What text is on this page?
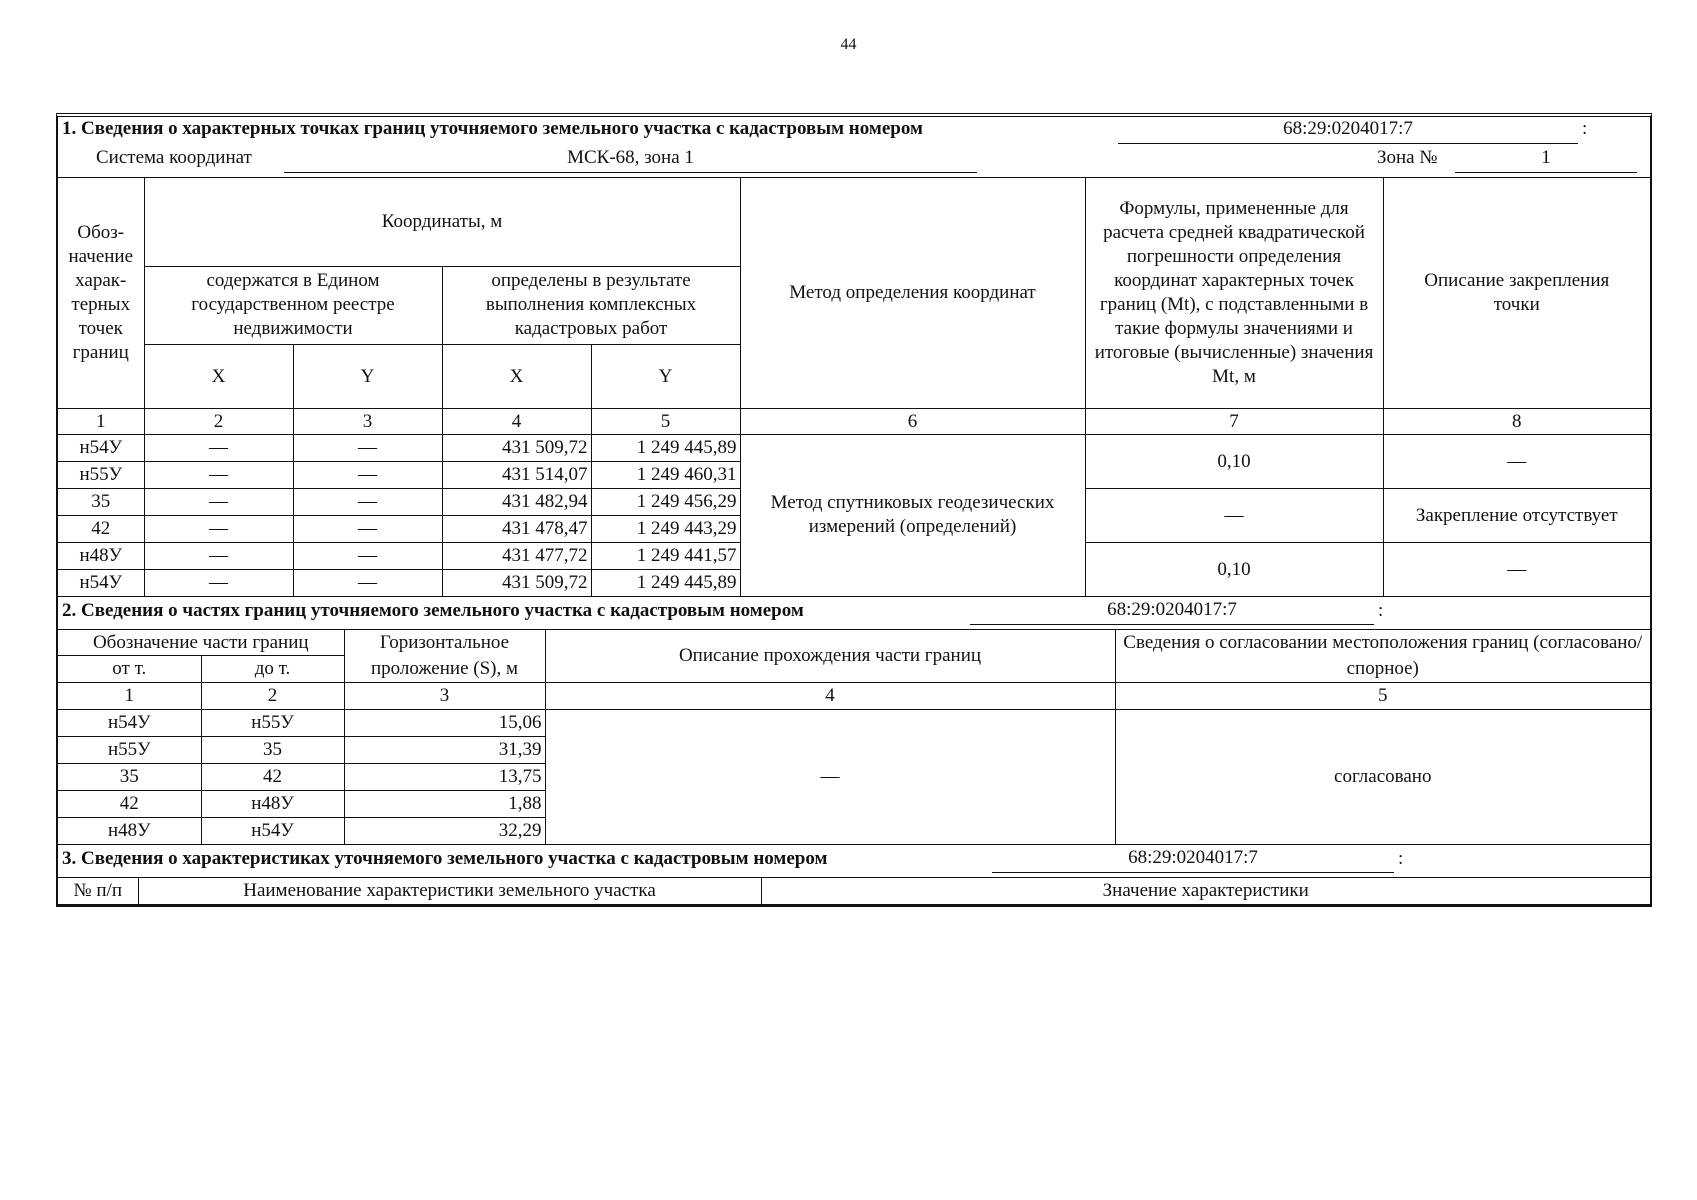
44
1. Сведения о характерных точках границ уточняемого земельного участка с кадастровым номером	68:29:0204017:7	:
Система координат	МСК-68, зона 1	Зона №	1
Обоз-начение харак-терных точек границ	Координаты, м				Метод определения координат	Формулы, примененные для расчета средней квадратической погрешности определения координат характерных точек границ (Mt), с подставленными в такие формулы значениями и итоговые (вычисленные) значения Mt, м	Описание закрепления точки
	содержатся в Едином государственном реестре недвижимости		определены в результате выполнения комплексных кадастровых работ				
	X	Y	X	Y			
1	2	3	4	5	6	7	8
н54У	—	—	431 509,72	1 249 445,89	Метод спутниковых геодезических измерений (определений)	0,10	—
н55У	—	—	431 514,07	1 249 460,31			
35	—	—	431 482,94	1 249 456,29		—	Закрепление отсутствует
42	—	—	431 478,47	1 249 443,29			
н48У	—	—	431 477,72	1 249 441,57		0,10	—
н54У	—	—	431 509,72	1 249 445,89			
2. Сведения о частях границ уточняемого земельного участка с кадастровым номером	68:29:0204017:7	:
Обозначение части границ		Горизонтальное проложение (S), м	Описание прохождения части границ	Сведения о согласовании местоположения границ (согласовано/спорное)
от т.	до т.			
1	2	3	4	5
н54У	н55У	15,06	—	согласовано
н55У	35	31,39		
35	42	13,75		
42	н48У	1,88		
н48У	н54У	32,29		
3. Сведения о характеристиках уточняемого земельного участка с кадастровым номером	68:29:0204017:7	:
№ п/п	Наименование характеристики земельного участка	Значение характеристики
